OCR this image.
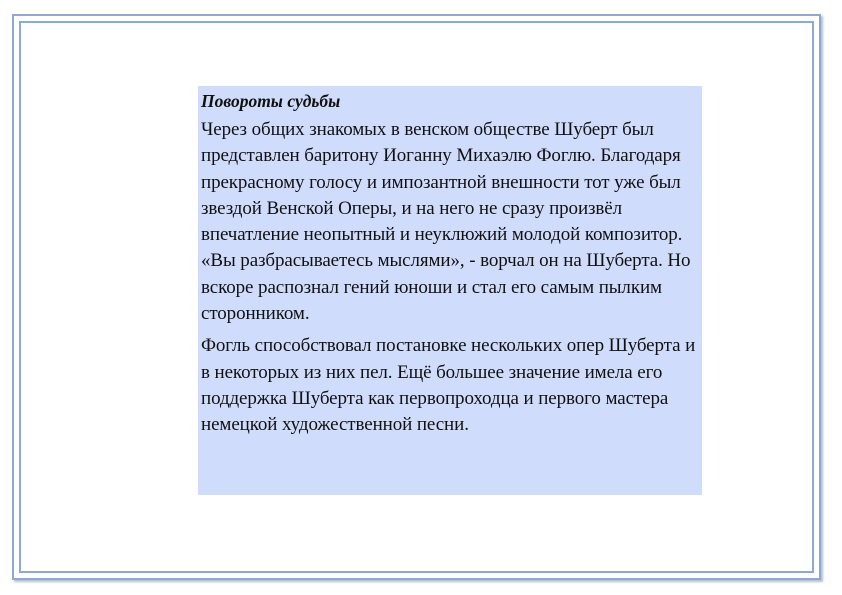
Повороты судьбы
Через общих знакомых в венском обществе Шуберт был представлен баритону Иоганну Михаэлю Фоглю. Благодаря прекрасному голосу и импозантной внешности тот уже был звездой Венской Оперы, и на него не сразу произвёл впечатление неопытный и неуклюжий молодой композитор. «Вы разбрасываетесь мыслями», - ворчал он на Шуберта. Но вскоре распознал гений юноши и стал его самым пылким сторонником.
Фогль способствовал постановке нескольких опер Шуберта и в некоторых из них пел. Ещё большее значение имела его поддержка Шуберта как первопроходца и первого мастера немецкой художественной песни.
